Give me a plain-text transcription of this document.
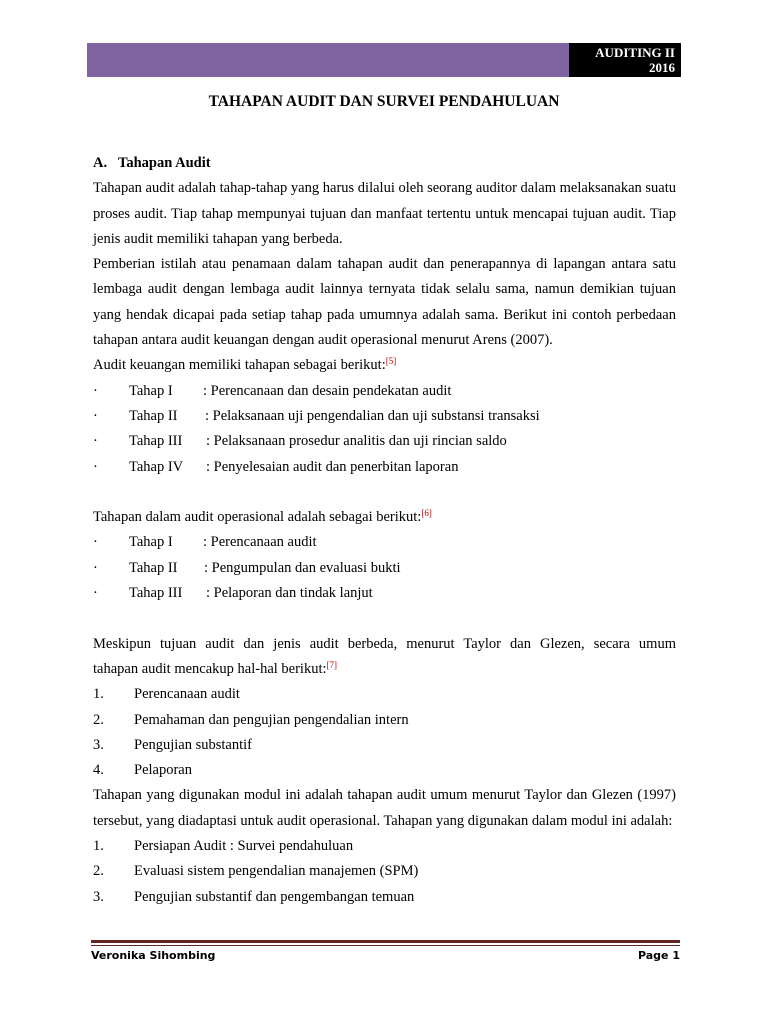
AUDITING II
2016
TAHAPAN AUDIT DAN SURVEI PENDAHULUAN

A. Tahapan Audit

Tahapan audit adalah tahap-tahap yang harus dilalui oleh seorang auditor dalam melaksanakan suatu proses audit. Tiap tahap mempunyai tujuan dan manfaat tertentu untuk mencapai tujuan audit. Tiap jenis audit memiliki tahapan yang berbeda.

Pemberian istilah atau penamaan dalam tahapan audit dan penerapannya di lapangan antara satu lembaga audit dengan lembaga audit lainnya ternyata tidak selalu sama, namun demikian tujuan yang hendak dicapai pada setiap tahap pada umumnya adalah sama. Berikut ini contoh perbedaan tahapan antara audit keuangan dengan audit operasional menurut Arens (2007).

Audit keuangan memiliki tahapan sebagai berikut:[5]

·	Tahap I	: Perencanaan dan desain pendekatan audit
·	Tahap II	: Pelaksanaan uji pengendalian dan uji substansi transaksi
·	Tahap III	: Pelaksanaan prosedur analitis dan uji rincian saldo
·	Tahap IV	: Penyelesaian audit dan penerbitan laporan

Tahapan dalam audit operasional adalah sebagai berikut:[6]

·	Tahap I	: Perencanaan audit
·	Tahap II	: Pengumpulan dan evaluasi bukti
·	Tahap III	: Pelaporan dan tindak lanjut

Meskipun tujuan audit dan jenis audit berbeda, menurut Taylor dan Glezen, secara umum

tahapan audit mencakup hal-hal berikut:[7]

1.	Perencanaan audit
2.	Pemahaman dan pengujian pengendalian intern
3.	Pengujian substantif
4.	Pelaporan

Tahapan yang digunakan modul ini adalah tahapan audit umum menurut Taylor dan Glezen (1997) tersebut, yang diadaptasi untuk audit operasional. Tahapan yang digunakan dalam modul ini adalah:

1.	Persiapan Audit : Survei pendahuluan
2.	Evaluasi sistem pengendalian manajemen (SPM)
3.	Pengujian substantif dan pengembangan temuan
Veronika Sihombing	Page 1
